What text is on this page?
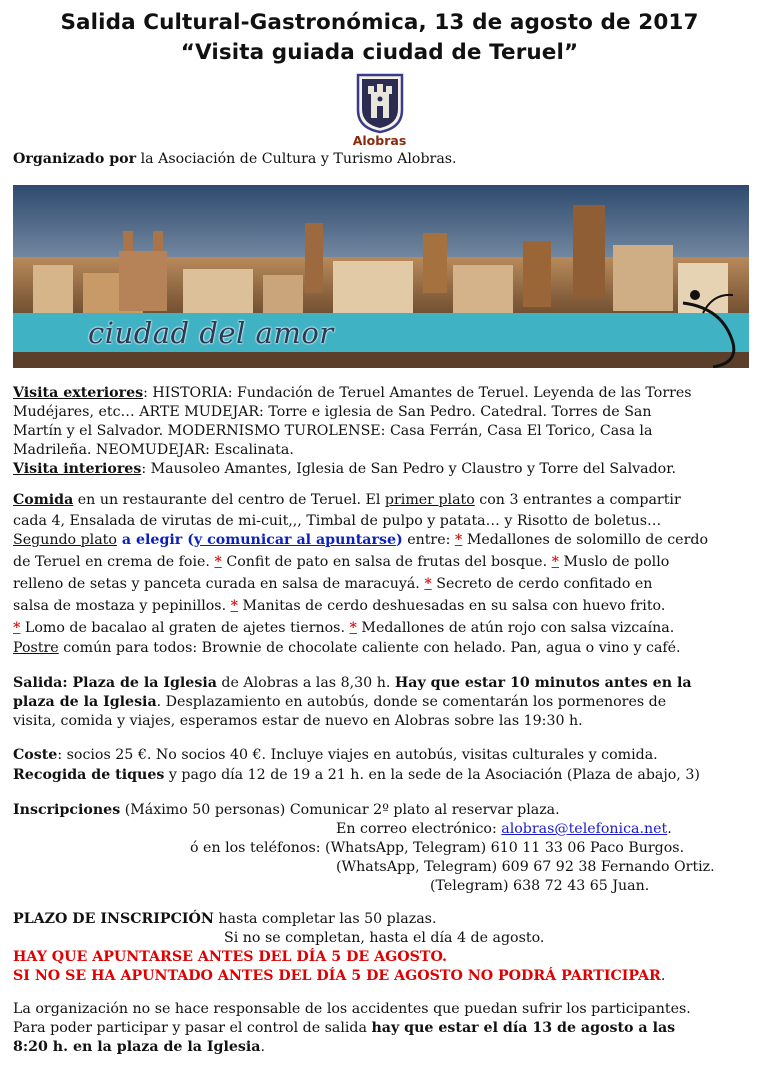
Salida Cultural-Gastronómica, 13 de agosto de 2017
“Visita guiada ciudad de Teruel”
Alobras
Organizado por la Asociación de Cultura y Turismo Alobras.
ciudad del amor
Visita exteriores: HISTORIA: Fundación de Teruel Amantes de Teruel. Leyenda de las Torres
Mudéjares, etc… ARTE MUDEJAR: Torre e iglesia de San Pedro. Catedral. Torres de San
Martín y el Salvador. MODERNISMO TUROLENSE: Casa Ferrán, Casa El Torico, Casa la
Madrileña. NEOMUDEJAR: Escalinata.
Visita interiores: Mausoleo Amantes, Iglesia de San Pedro y Claustro y Torre del Salvador.
Comida en un restaurante del centro de Teruel. El primer plato con 3 entrantes a compartir
cada 4, Ensalada de virutas de mi-cuit,,, Timbal de pulpo y patata… y Risotto de boletus…
Segundo plato a elegir (y comunicar al apuntarse) entre: * Medallones de solomillo de cerdo
de Teruel en crema de foie. * Confit de pato en salsa de frutas del bosque. * Muslo de pollo
relleno de setas y panceta curada en salsa de maracuyá. * Secreto de cerdo confitado en
salsa de mostaza y pepinillos. * Manitas de cerdo deshuesadas en su salsa con huevo frito.
* Lomo de bacalao al graten de ajetes tiernos. * Medallones de atún rojo con salsa vizcaína.
Postre común para todos: Brownie de chocolate caliente con helado. Pan, agua o vino y café.
Salida: Plaza de la Iglesia de Alobras a las 8,30 h. Hay que estar 10 minutos antes en la
plaza de la Iglesia. Desplazamiento en autobús, donde se comentarán los pormenores de
visita, comida y viajes, esperamos estar de nuevo en Alobras sobre las 19:30 h.
Coste: socios 25 €. No socios 40 €. Incluye viajes en autobús, visitas culturales y comida.
Recogida de tiques y pago día 12 de 19 a 21 h. en la sede de la Asociación (Plaza de abajo, 3)
Inscripciones (Máximo 50 personas) Comunicar 2º plato al reservar plaza.
En correo electrónico: alobras@telefonica.net.
ó en los teléfonos: (WhatsApp, Telegram) 610 11 33 06 Paco Burgos.
(WhatsApp, Telegram) 609 67 92 38 Fernando Ortiz.
(Telegram) 638 72 43 65 Juan.
PLAZO DE INSCRIPCIÓN hasta completar las 50 plazas.
Si no se completan, hasta el día 4 de agosto.
HAY QUE APUNTARSE ANTES DEL DÍA 5 DE AGOSTO.
SI NO SE HA APUNTADO ANTES DEL DÍA 5 DE AGOSTO NO PODRÁ PARTICIPAR.
La organización no se hace responsable de los accidentes que puedan sufrir los participantes.
Para poder participar y pasar el control de salida hay que estar el día 13 de agosto a las
8:20 h. en la plaza de la Iglesia.
